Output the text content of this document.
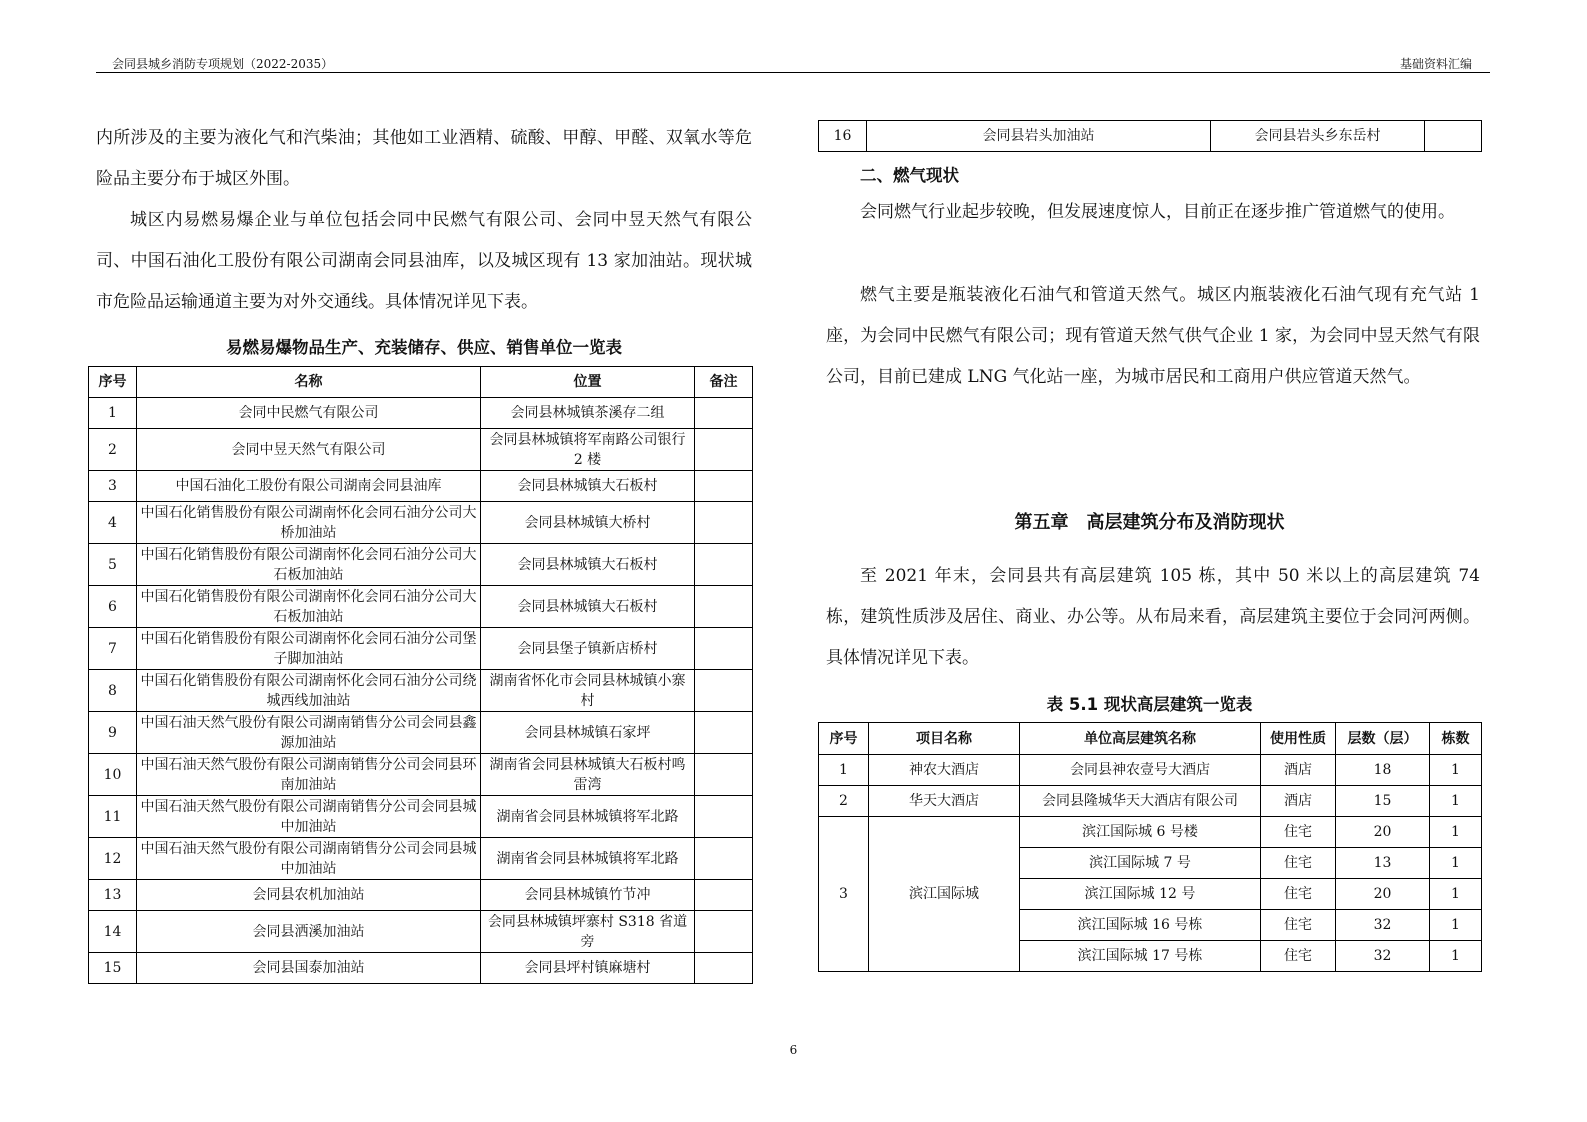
会同县城乡消防专项规划（2022-2035）	基础资料汇编

内所涉及的主要为液化气和汽柴油；其他如工业酒精、硫酸、甲醇、甲醛、双氧水等危险品主要分布于城区外围。

城区内易燃易爆企业与单位包括会同中民燃气有限公司、会同中昱天然气有限公司、中国石油化工股份有限公司湖南会同县油库，以及城区现有 13 家加油站。现状城市危险品运输通道主要为对外交通线。具体情况详见下表。

易燃易爆物品生产、充装储存、供应、销售单位一览表
序号	名称	位置	备注
1	会同中民燃气有限公司	会同县林城镇茶溪存二组	
2	会同中昱天然气有限公司	会同县林城镇将军南路公司银行 2 楼	
3	中国石油化工股份有限公司湖南会同县油库	会同县林城镇大石板村	
4	中国石化销售股份有限公司湖南怀化会同石油分公司大桥加油站	会同县林城镇大桥村	
5	中国石化销售股份有限公司湖南怀化会同石油分公司大石板加油站	会同县林城镇大石板村	
6	中国石化销售股份有限公司湖南怀化会同石油分公司大石板加油站	会同县林城镇大石板村	
7	中国石化销售股份有限公司湖南怀化会同石油分公司堡子脚加油站	会同县堡子镇新店桥村	
8	中国石化销售股份有限公司湖南怀化会同石油分公司绕城西线加油站	湖南省怀化市会同县林城镇小寨村	
9	中国石油天然气股份有限公司湖南销售分公司会同县鑫源加油站	会同县林城镇石家坪	
10	中国石油天然气股份有限公司湖南销售分公司会同县环南加油站	湖南省会同县林城镇大石板村鸣雷湾	
11	中国石油天然气股份有限公司湖南销售分公司会同县城中加油站	湖南省会同县林城镇将军北路	
12	中国石油天然气股份有限公司湖南销售分公司会同县城中加油站	湖南省会同县林城镇将军北路	
13	会同县农机加油站	会同县林城镇竹节冲	
14	会同县洒溪加油站	会同县林城镇坪寨村 S318 省道旁	
15	会同县国泰加油站	会同县坪村镇麻塘村	
16	会同县岩头加油站	会同县岩头乡东岳村	
二、燃气现状

会同燃气行业起步较晚，但发展速度惊人，目前正在逐步推广管道燃气的使用。

燃气主要是瓶装液化石油气和管道天然气。城区内瓶装液化石油气现有充气站 1 座，为会同中民燃气有限公司；现有管道天然气供气企业 1 家，为会同中昱天然气有限公司，目前已建成 LNG 气化站一座，为城市居民和工商用户供应管道天然气。

第五章　高层建筑分布及消防现状

至 2021 年末，会同县共有高层建筑 105 栋，其中 50 米以上的高层建筑 74 栋，建筑性质涉及居住、商业、办公等。从布局来看，高层建筑主要位于会同河两侧。具体情况详见下表。

表 5.1 现状高层建筑一览表
序号	项目名称	单位高层建筑名称	使用性质	层数（层）	栋数
1	神农大酒店	会同县神农壹号大酒店	酒店	18	1
2	华天大酒店	会同县隆城华天大酒店有限公司	酒店	15	1
3	滨江国际城	滨江国际城 6 号楼	住宅	20	1
		滨江国际城 7 号	住宅	13	1
		滨江国际城 12 号	住宅	20	1
		滨江国际城 16 号栋	住宅	32	1
		滨江国际城 17 号栋	住宅	32	1
6
